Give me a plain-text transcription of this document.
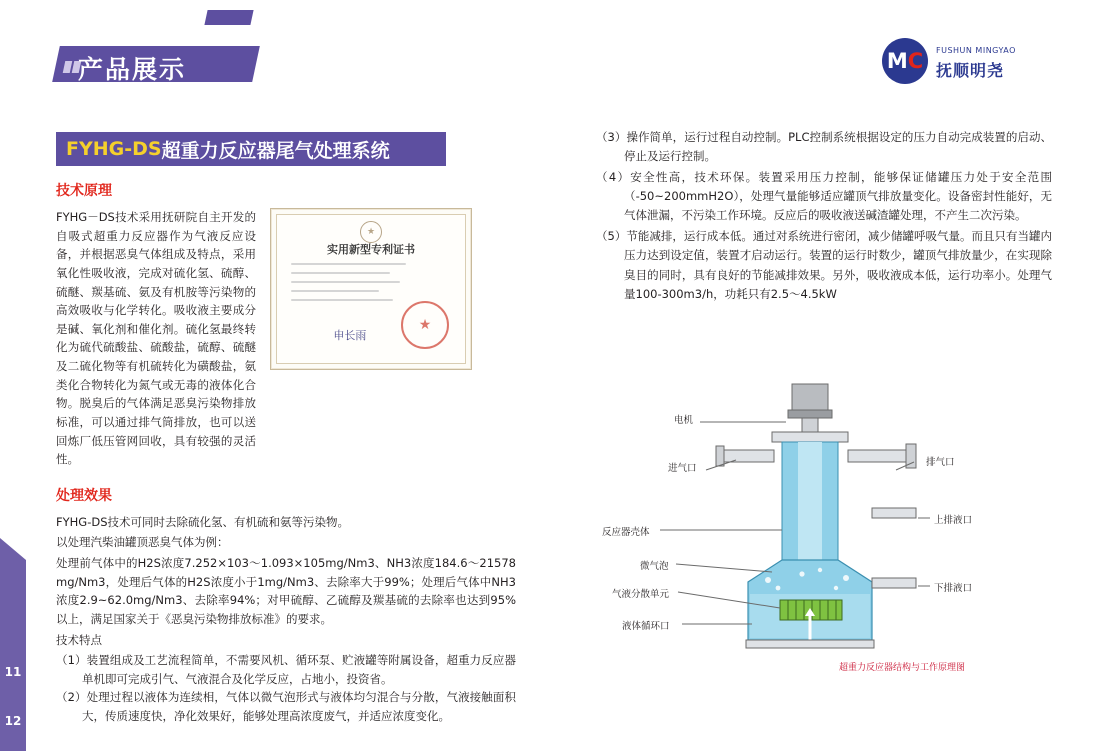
11
12
产品展示	M C FUSHUN MINGYAO
抚顺明尧
FYHG-DS 超重力反应器尾气处理系统
技术原理

FYHG－DS技术采用抚研院自主开发的自吸式超重力反应器作为气液反应设备，并根据恶臭气体组成及特点，采用氧化性吸收液，完成对硫化氢、硫醇、硫醚、羰基硫、氨及有机胺等污染物的高效吸收与化学转化。吸收液主要成分是碱、氧化剂和催化剂。硫化氢最终转化为硫代硫酸盐、硫酸盐，硫醇、硫醚及二硫化物等有机硫转化为磺酸盐，氨类化合物转化为氮气或无毒的液体化合物。脱臭后的气体满足恶臭污染物排放标准，可以通过排气筒排放，也可以送回炼厂低压管网回收，具有较强的灵活性。

★
实用新型专利证书
申长雨
★
处理效果

FYHG-DS技术可同时去除硫化氢、有机硫和氨等污染物。

以处理汽柴油罐顶恶臭气体为例：

处理前气体中的H2S浓度7.252×103～1.093×105mg/Nm3、NH3浓度184.6～21578 mg/Nm3，处理后气体的H2S浓度小于1mg/Nm3、去除率大于99%；处理后气体中NH3浓度2.9~62.0mg/Nm3、去除率94%；对甲硫醇、乙硫醇及羰基硫的去除率也达到95%以上，满足国家关于《恶臭污染物排放标准》的要求。

技术特点

（1）装置组成及工艺流程简单，不需要风机、循环泵、贮液罐等附属设备，超重力反应器单机即可完成引气、气液混合及化学反应，占地小，投资省。

（2）处理过程以液体为连续相，气体以微气泡形式与液体均匀混合与分散，气液接触面积大，传质速度快，净化效果好，能够处理高浓度废气，并适应浓度变化。

（3）操作简单，运行过程自动控制。PLC控制系统根据设定的压力自动完成装置的启动、停止及运行控制。

（4）安全性高，技术环保。装置采用压力控制，能够保证储罐压力处于安全范围（-50~200mmH2O），处理气量能够适应罐顶气排放量变化。设备密封性能好，无气体泄漏，不污染工作环境。反应后的吸收液送碱渣罐处理，不产生二次污染。

（5）节能减排，运行成本低。通过对系统进行密闭，减少储罐呼吸气量。而且只有当罐内压力达到设定值，装置才启动运行。装置的运行时数少，罐顶气排放量少，在实现除臭目的同时，具有良好的节能减排效果。另外，吸收液成本低，运行功率小。处理气量100-300m3/h，功耗只有2.5～4.5kW

电机
进气口
排气口
反应器壳体
上排液口
微气泡
气液分散单元
下排液口
液体循环口
超重力反应器结构与工作原理图
